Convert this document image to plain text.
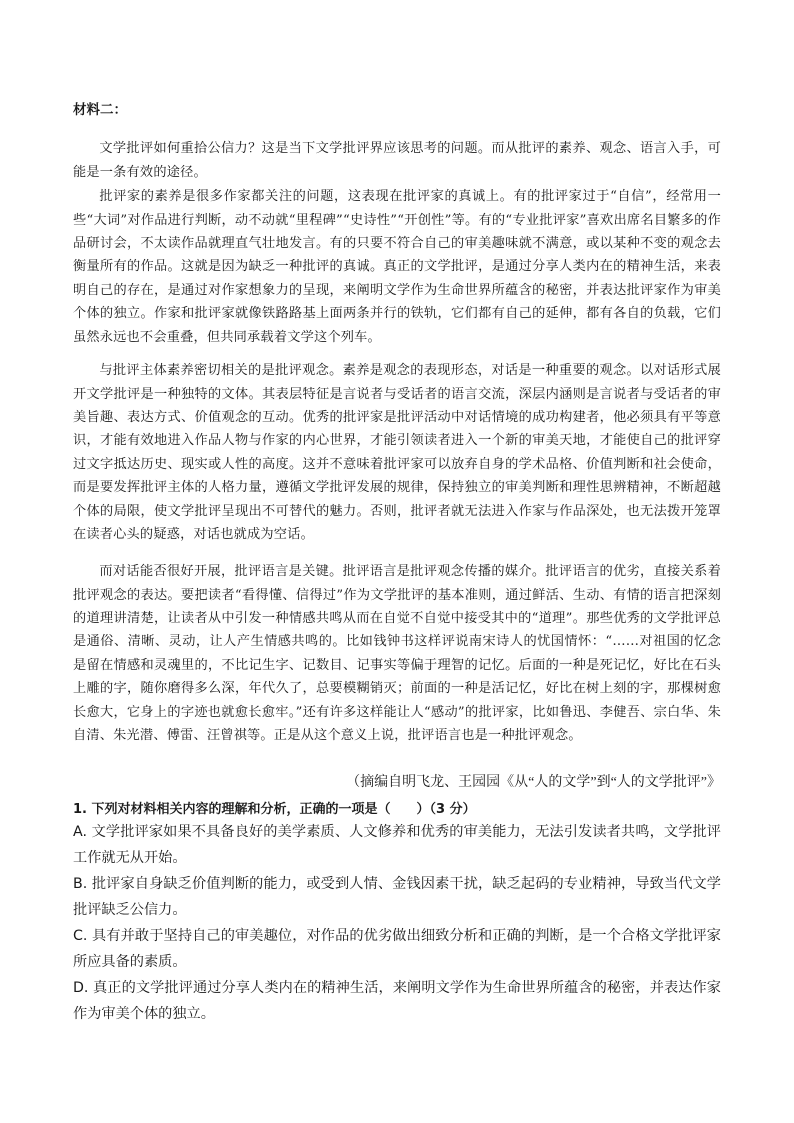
材料二：

文学批评如何重拾公信力？这是当下文学批评界应该思考的问题。而从批评的素养、观念、语言入手，可能是一条有效的途径。

批评家的素养是很多作家都关注的问题，这表现在批评家的真诚上。有的批评家过于“自信”，经常用一些“大词”对作品进行判断，动不动就“里程碑”“史诗性”“开创性”等。有的“专业批评家”喜欢出席名目繁多的作品研讨会，不太读作品就理直气壮地发言。有的只要不符合自己的审美趣味就不满意，或以某种不变的观念去衡量所有的作品。这就是因为缺乏一种批评的真诚。真正的文学批评，是通过分享人类内在的精神生活，来表明自己的存在，是通过对作家想象力的呈现，来阐明文学作为生命世界所蕴含的秘密，并表达批评家作为审美个体的独立。作家和批评家就像铁路路基上面两条并行的铁轨，它们都有自己的延伸，都有各自的负载，它们虽然永远也不会重叠，但共同承载着文学这个列车。

与批评主体素养密切相关的是批评观念。素养是观念的表现形态，对话是一种重要的观念。以对话形式展开文学批评是一种独特的文体。其表层特征是言说者与受话者的语言交流，深层内涵则是言说者与受话者的审美旨趣、表达方式、价值观念的互动。优秀的批评家是批评活动中对话情境的成功构建者，他必须具有平等意识，才能有效地进入作品人物与作家的内心世界，才能引领读者进入一个新的审美天地，才能使自己的批评穿过文字抵达历史、现实或人性的高度。这并不意味着批评家可以放弃自身的学术品格、价值判断和社会使命，而是要发挥批评主体的人格力量，遵循文学批评发展的规律，保持独立的审美判断和理性思辨精神，不断超越个体的局限，使文学批评呈现出不可替代的魅力。否则，批评者就无法进入作家与作品深处，也无法拨开笼罩在读者心头的疑惑，对话也就成为空话。

而对话能否很好开展，批评语言是关键。批评语言是批评观念传播的媒介。批评语言的优劣，直接关系着批评观念的表达。要把读者“看得懂、信得过”作为文学批评的基本准则，通过鲜活、生动、有情的语言把深刻的道理讲清楚，让读者从中引发一种情感共鸣从而在自觉不自觉中接受其中的“道理”。那些优秀的文学批评总是通俗、清晰、灵动，让人产生情感共鸣的。比如钱钟书这样评说南宋诗人的忧国情怀：“……对祖国的忆念是留在情感和灵魂里的，不比记生字、记数目、记事实等偏于理智的记忆。后面的一种是死记忆，好比在石头上雕的字，随你磨得多么深，年代久了，总要模糊销灭；前面的一种是活记忆，好比在树上刻的字，那棵树愈长愈大，它身上的字迹也就愈长愈牢。”还有许多这样能让人“感动”的批评家，比如鲁迅、李健吾、宗白华、朱自清、朱光潜、傅雷、汪曾祺等。正是从这个意义上说，批评语言也是一种批评观念。

（摘编自明飞龙、王园园《从“人的文学”到“人的文学批评”》
1. 下列对材料相关内容的理解和分析，正确的一项是（　　）（3 分）

A. 文学批评家如果不具备良好的美学素质、人文修养和优秀的审美能力，无法引发读者共鸣，文学批评工作就无从开始。

B. 批评家自身缺乏价值判断的能力，或受到人情、金钱因素干扰，缺乏起码的专业精神，导致当代文学批评缺乏公信力。

C. 具有并敢于坚持自己的审美趣位，对作品的优劣做出细致分析和正确的判断，是一个合格文学批评家所应具备的素质。

D. 真正的文学批评通过分享人类内在的精神生活，来阐明文学作为生命世界所蕴含的秘密，并表达作家作为审美个体的独立。
